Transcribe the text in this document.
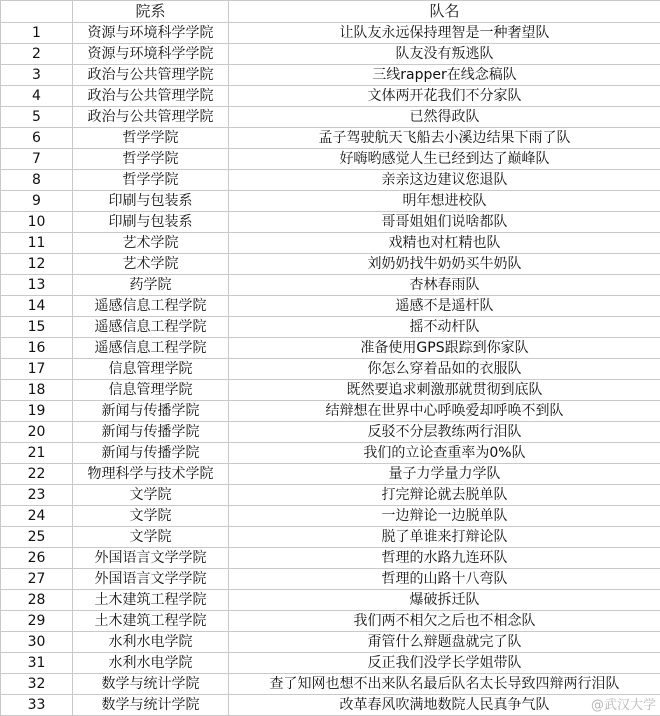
	院系	队名
1	资源与环境科学学院	让队友永远保持理智是一种奢望队
2	资源与环境科学学院	队友没有叛逃队
3	政治与公共管理学院	三线rapper在线念稿队
4	政治与公共管理学院	文体两开花我们不分家队
5	政治与公共管理学院	已然得政队
6	哲学学院	孟子驾驶航天飞船去小溪边结果下雨了队
7	哲学学院	好嗨哟感觉人生已经到达了巅峰队
8	哲学学院	亲亲这边建议您退队
9	印刷与包装系	明年想进校队
10	印刷与包装系	哥哥姐姐们说啥都队
11	艺术学院	戏精也对杠精也队
12	艺术学院	刘奶奶找牛奶奶买牛奶队
13	药学院	杏林春雨队
14	遥感信息工程学院	遥感不是遥杆队
15	遥感信息工程学院	摇不动杆队
16	遥感信息工程学院	准备使用GPS跟踪到你家队
17	信息管理学院	你怎么穿着品如的衣服队
18	信息管理学院	既然要追求刺激那就贯彻到底队
19	新闻与传播学院	结辩想在世界中心呼唤爱却呼唤不到队
20	新闻与传播学院	反驳不分层教练两行泪队
21	新闻与传播学院	我们的立论查重率为0%队
22	物理科学与技术学院	量子力学量力学队
23	文学院	打完辩论就去脱单队
24	文学院	一边辩论一边脱单队
25	文学院	脱了单谁来打辩论队
26	外国语言文学学院	哲理的水路九连环队
27	外国语言文学学院	哲理的山路十八弯队
28	土木建筑工程学院	爆破拆迁队
29	土木建筑工程学院	我们两不相欠之后也不相念队
30	水利水电学院	甭管什么辩题盘就完了队
31	水利水电学院	反正我们没学长学姐带队
32	数学与统计学院	查了知网也想不出来队名最后队名太长导致四辩两行泪队
33	数学与统计学院	改革春风吹满地数院人民真争气队	@武汉大学
